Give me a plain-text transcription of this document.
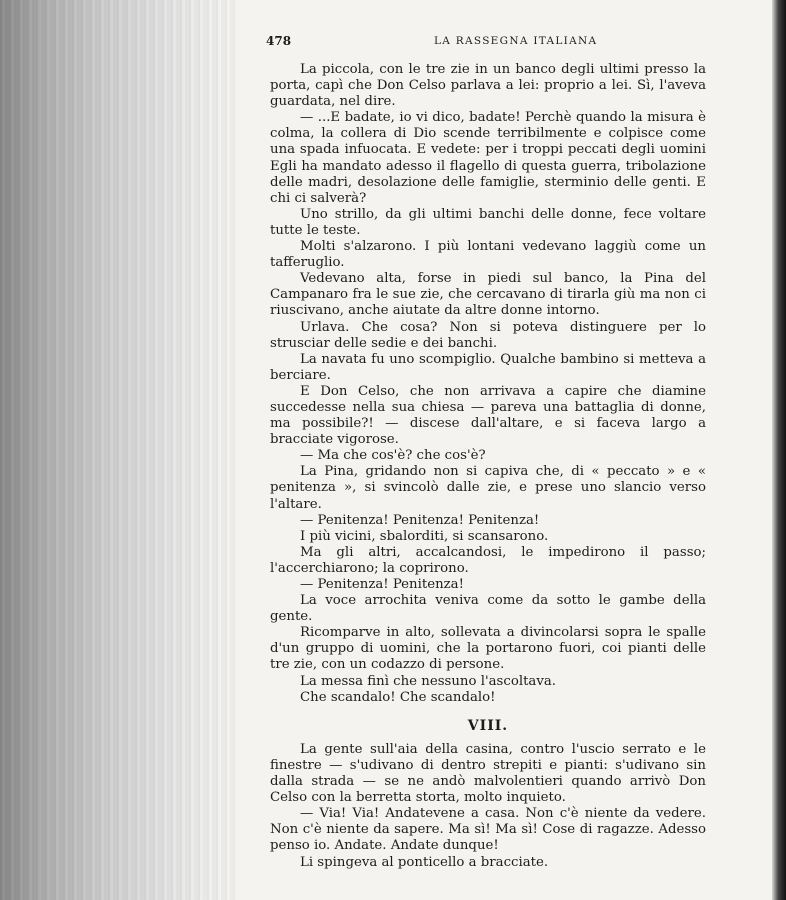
478	LA RASSEGNA ITALIANA

La piccola, con le tre zie in un banco degli ultimi presso la porta, capì che Don Celso parlava a lei: proprio a lei. Sì, l'aveva guardata, nel dire.

— ...E badate, io vi dico, badate! Perchè quando la misura è colma, la collera di Dio scende terribilmente e colpisce come una spada infuocata. E vedete: per i troppi peccati degli uomini Egli ha mandato adesso il flagello di questa guerra, tribolazione delle madri, desolazione delle famiglie, sterminio delle genti. E chi ci salverà?

Uno strillo, da gli ultimi banchi delle donne, fece voltare tutte le teste.

Molti s'alzarono. I più lontani vedevano laggiù come un tafferuglio.

Vedevano alta, forse in piedi sul banco, la Pina del Campanaro fra le sue zie, che cercavano di tirarla giù ma non ci riuscivano, anche aiutate da altre donne intorno.

Urlava. Che cosa? Non si poteva distinguere per lo strusciar delle sedie e dei banchi.

La navata fu uno scompiglio. Qualche bambino si metteva a berciare.

E Don Celso, che non arrivava a capire che diamine succedesse nella sua chiesa — pareva una battaglia di donne, ma possibile?! — discese dall'altare, e si faceva largo a bracciate vigorose.

— Ma che cos'è? che cos'è?

La Pina, gridando non si capiva che, di « peccato » e « penitenza », si svincolò dalle zie, e prese uno slancio verso l'altare.

— Penitenza! Penitenza! Penitenza!

I più vicini, sbalorditi, si scansarono.

Ma gli altri, accalcandosi, le impedirono il passo; l'accerchiarono; la coprirono.

— Penitenza! Penitenza!

La voce arrochita veniva come da sotto le gambe della gente.

Ricomparve in alto, sollevata a divincolarsi sopra le spalle d'un gruppo di uomini, che la portarono fuori, coi pianti delle tre zie, con un codazzo di persone.

La messa finì che nessuno l'ascoltava.

Che scandalo! Che scandalo!

VIII.

La gente sull'aia della casina, contro l'uscio serrato e le finestre — s'udivano di dentro strepiti e pianti: s'udivano sin dalla strada — se ne andò malvolentieri quando arrivò Don Celso con la berretta storta, molto inquieto.

— Via! Via! Andatevene a casa. Non c'è niente da vedere. Non c'è niente da sapere. Ma sì! Ma sì! Cose di ragazze. Adesso penso io. Andate. Andate dunque!

Li spingeva al ponticello a bracciate.
